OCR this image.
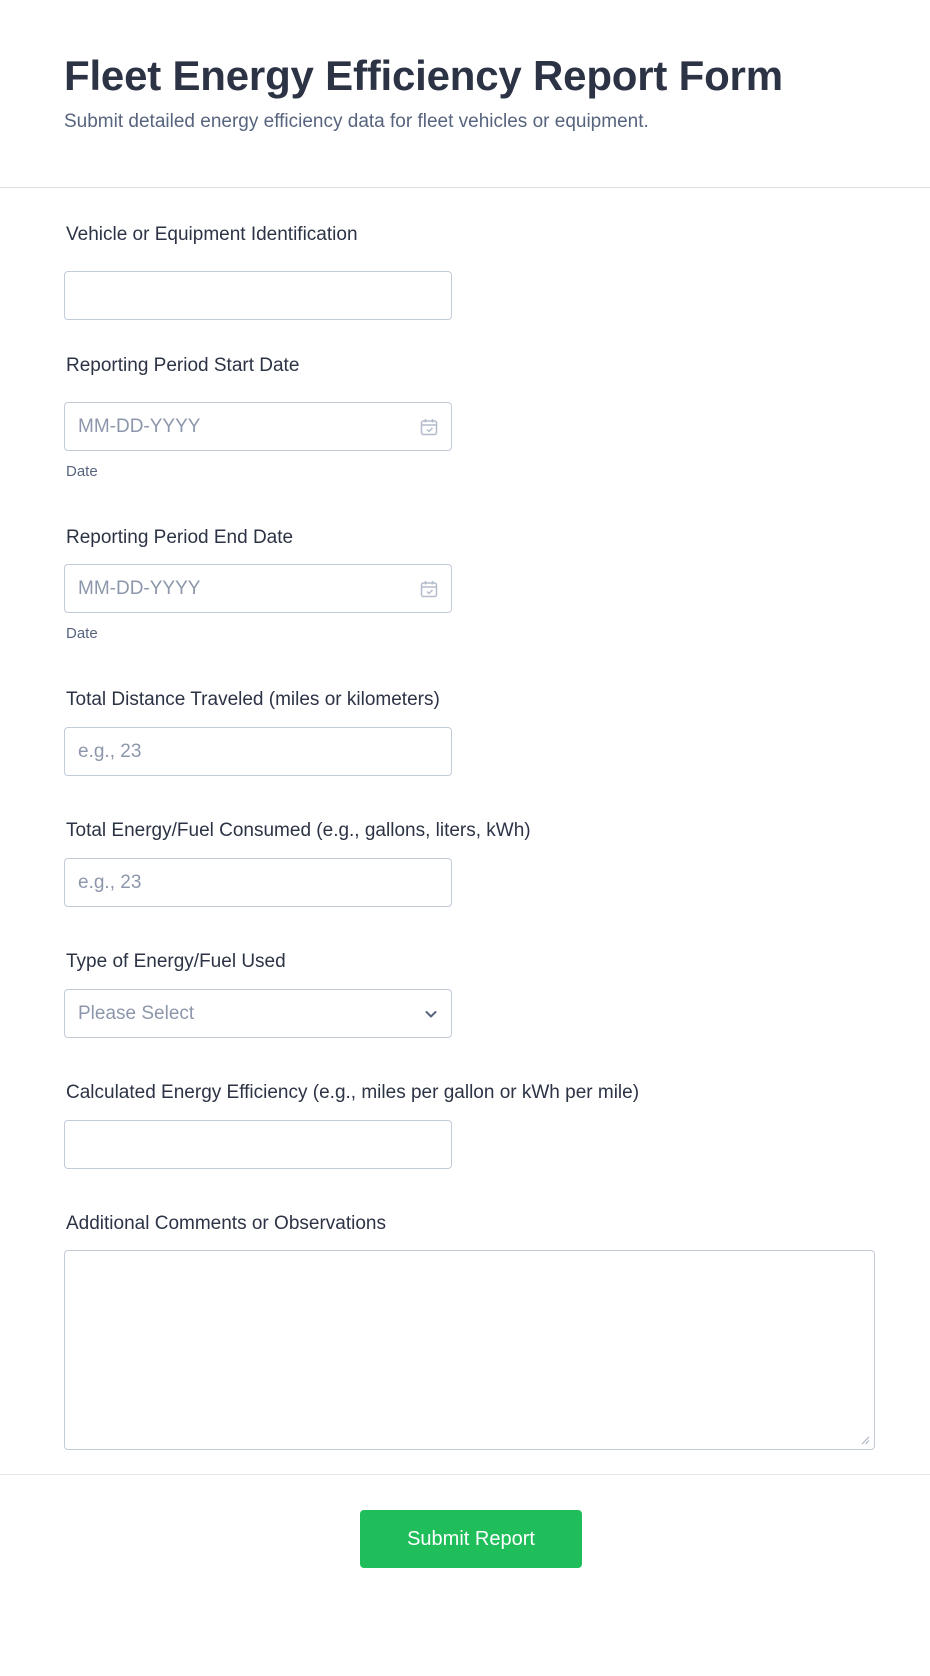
Fleet Energy Efficiency Report Form
Submit detailed energy efficiency data for fleet vehicles or equipment.
Vehicle or Equipment Identification
Reporting Period Start Date
MM-DD-YYYY
Date
Reporting Period End Date
MM-DD-YYYY
Date
Total Distance Traveled (miles or kilometers)
e.g., 23
Total Energy/Fuel Consumed (e.g., gallons, liters, kWh)
e.g., 23
Type of Energy/Fuel Used
Please Select
Calculated Energy Efficiency (e.g., miles per gallon or kWh per mile)
Additional Comments or Observations
Submit Report
